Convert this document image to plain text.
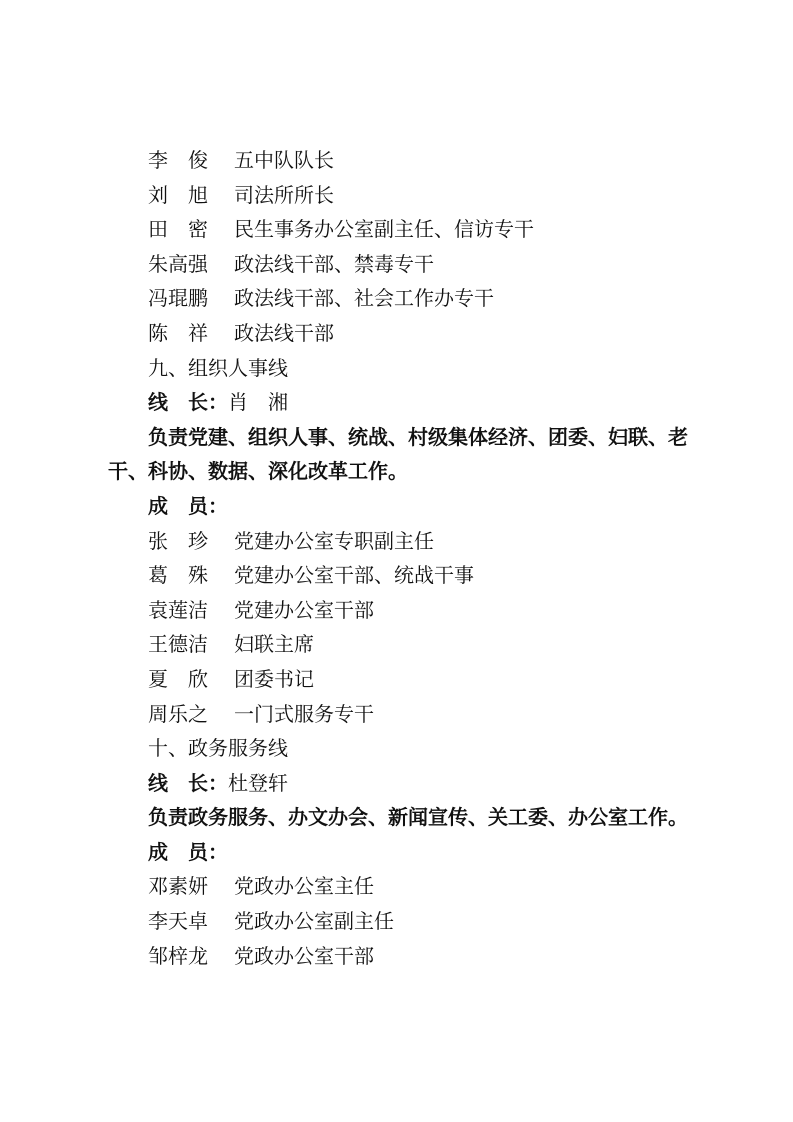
李　俊 五中队队长
刘　旭 司法所所长
田　密 民生事务办公室副主任、信访专干
朱高强 政法线干部、禁毒专干
冯琨鹏 政法线干部、社会工作办专干
陈　祥 政法线干部
九、组织人事线
线　长：肖　湘
负责党建、组织人事、统战、村级集体经济、团委、妇联、老干、科协、数据、深化改革工作。
成　员：
张　珍 党建办公室专职副主任
葛　殊 党建办公室干部、统战干事
袁莲洁 党建办公室干部
王德洁 妇联主席
夏　欣 团委书记
周乐之 一门式服务专干
十、政务服务线
线　长：杜登轩
负责政务服务、办文办会、新闻宣传、关工委、办公室工作。
成　员：
邓素妍 党政办公室主任
李天卓 党政办公室副主任
邹梓龙 党政办公室干部
